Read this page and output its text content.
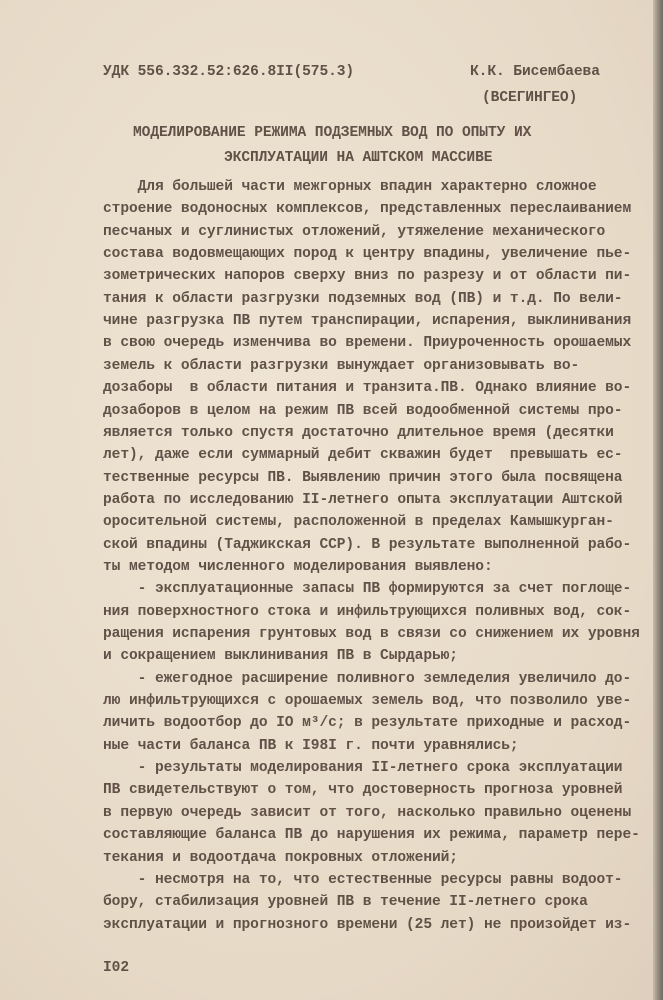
УДК 556.332.52:626.8II(575.3)	К.К. Бисембаева
(ВСЕГИНГЕО)
МОДЕЛИРОВАНИЕ РЕЖИМА ПОДЗЕМНЫХ ВОД ПО ОПЫТУ ИХ
ЭКСПЛУАТАЦИИ НА АШТСКОМ МАССИВЕ
Для большей части межгорных впадин характерно сложное
строение водоносных комплексов, представленных переслаиванием
песчаных и суглинистых отложений, утяжеление механического
состава водовмещающих пород к центру впадины, увеличение пье-
зометрических напоров сверху вниз по разрезу и от области пи-
тания к области разгрузки подземных вод (ПВ) и т.д. По вели-
чине разгрузка ПВ путем транспирации, испарения, выклинивания
в свою очередь изменчива во времени. Приуроченность орошаемых
земель к области разгрузки вынуждает организовывать во-
дозаборы  в области питания и транзита.ПВ. Однако влияние во-
дозаборов в целом на режим ПВ всей водообменной системы про-
является только спустя достаточно длительное время (десятки
лет), даже если суммарный дебит скважин будет  превышать ес-
тественные ресурсы ПВ. Выявлению причин этого была посвящена
работа по исследованию II-летнего опыта эксплуатации Аштской
оросительной системы, расположенной в пределах Камышкурган-
ской впадины (Таджикская ССР). В результате выполненной рабо-
ты методом численного моделирования выявлено:
- эксплуатационные запасы ПВ формируются за счет поглоще-
ния поверхностного стока и инфильтрующихся поливных вод, сок-
ращения испарения грунтовых вод в связи со снижением их уровня
и сокращением выклинивания ПВ в Сырдарью;
- ежегодное расширение поливного земледелия увеличило до-
лю инфильтрующихся с орошаемых земель вод, что позволило уве-
личить водоотбор до IO м³/с; в результате приходные и расход-
ные части баланса ПВ к I98I г. почти уравнялись;
- результаты моделирования II-летнего срока эксплуатации
ПВ свидетельствуют о том, что достоверность прогноза уровней
в первую очередь зависит от того, насколько правильно оценены
составляющие баланса ПВ до нарушения их режима, параметр пере-
текания и водоотдача покровных отложений;
- несмотря на то, что естественные ресурсы равны водоот-
бору, стабилизация уровней ПВ в течение II-летнего срока
эксплуатации и прогнозного времени (25 лет) не произойдет из-
I02
